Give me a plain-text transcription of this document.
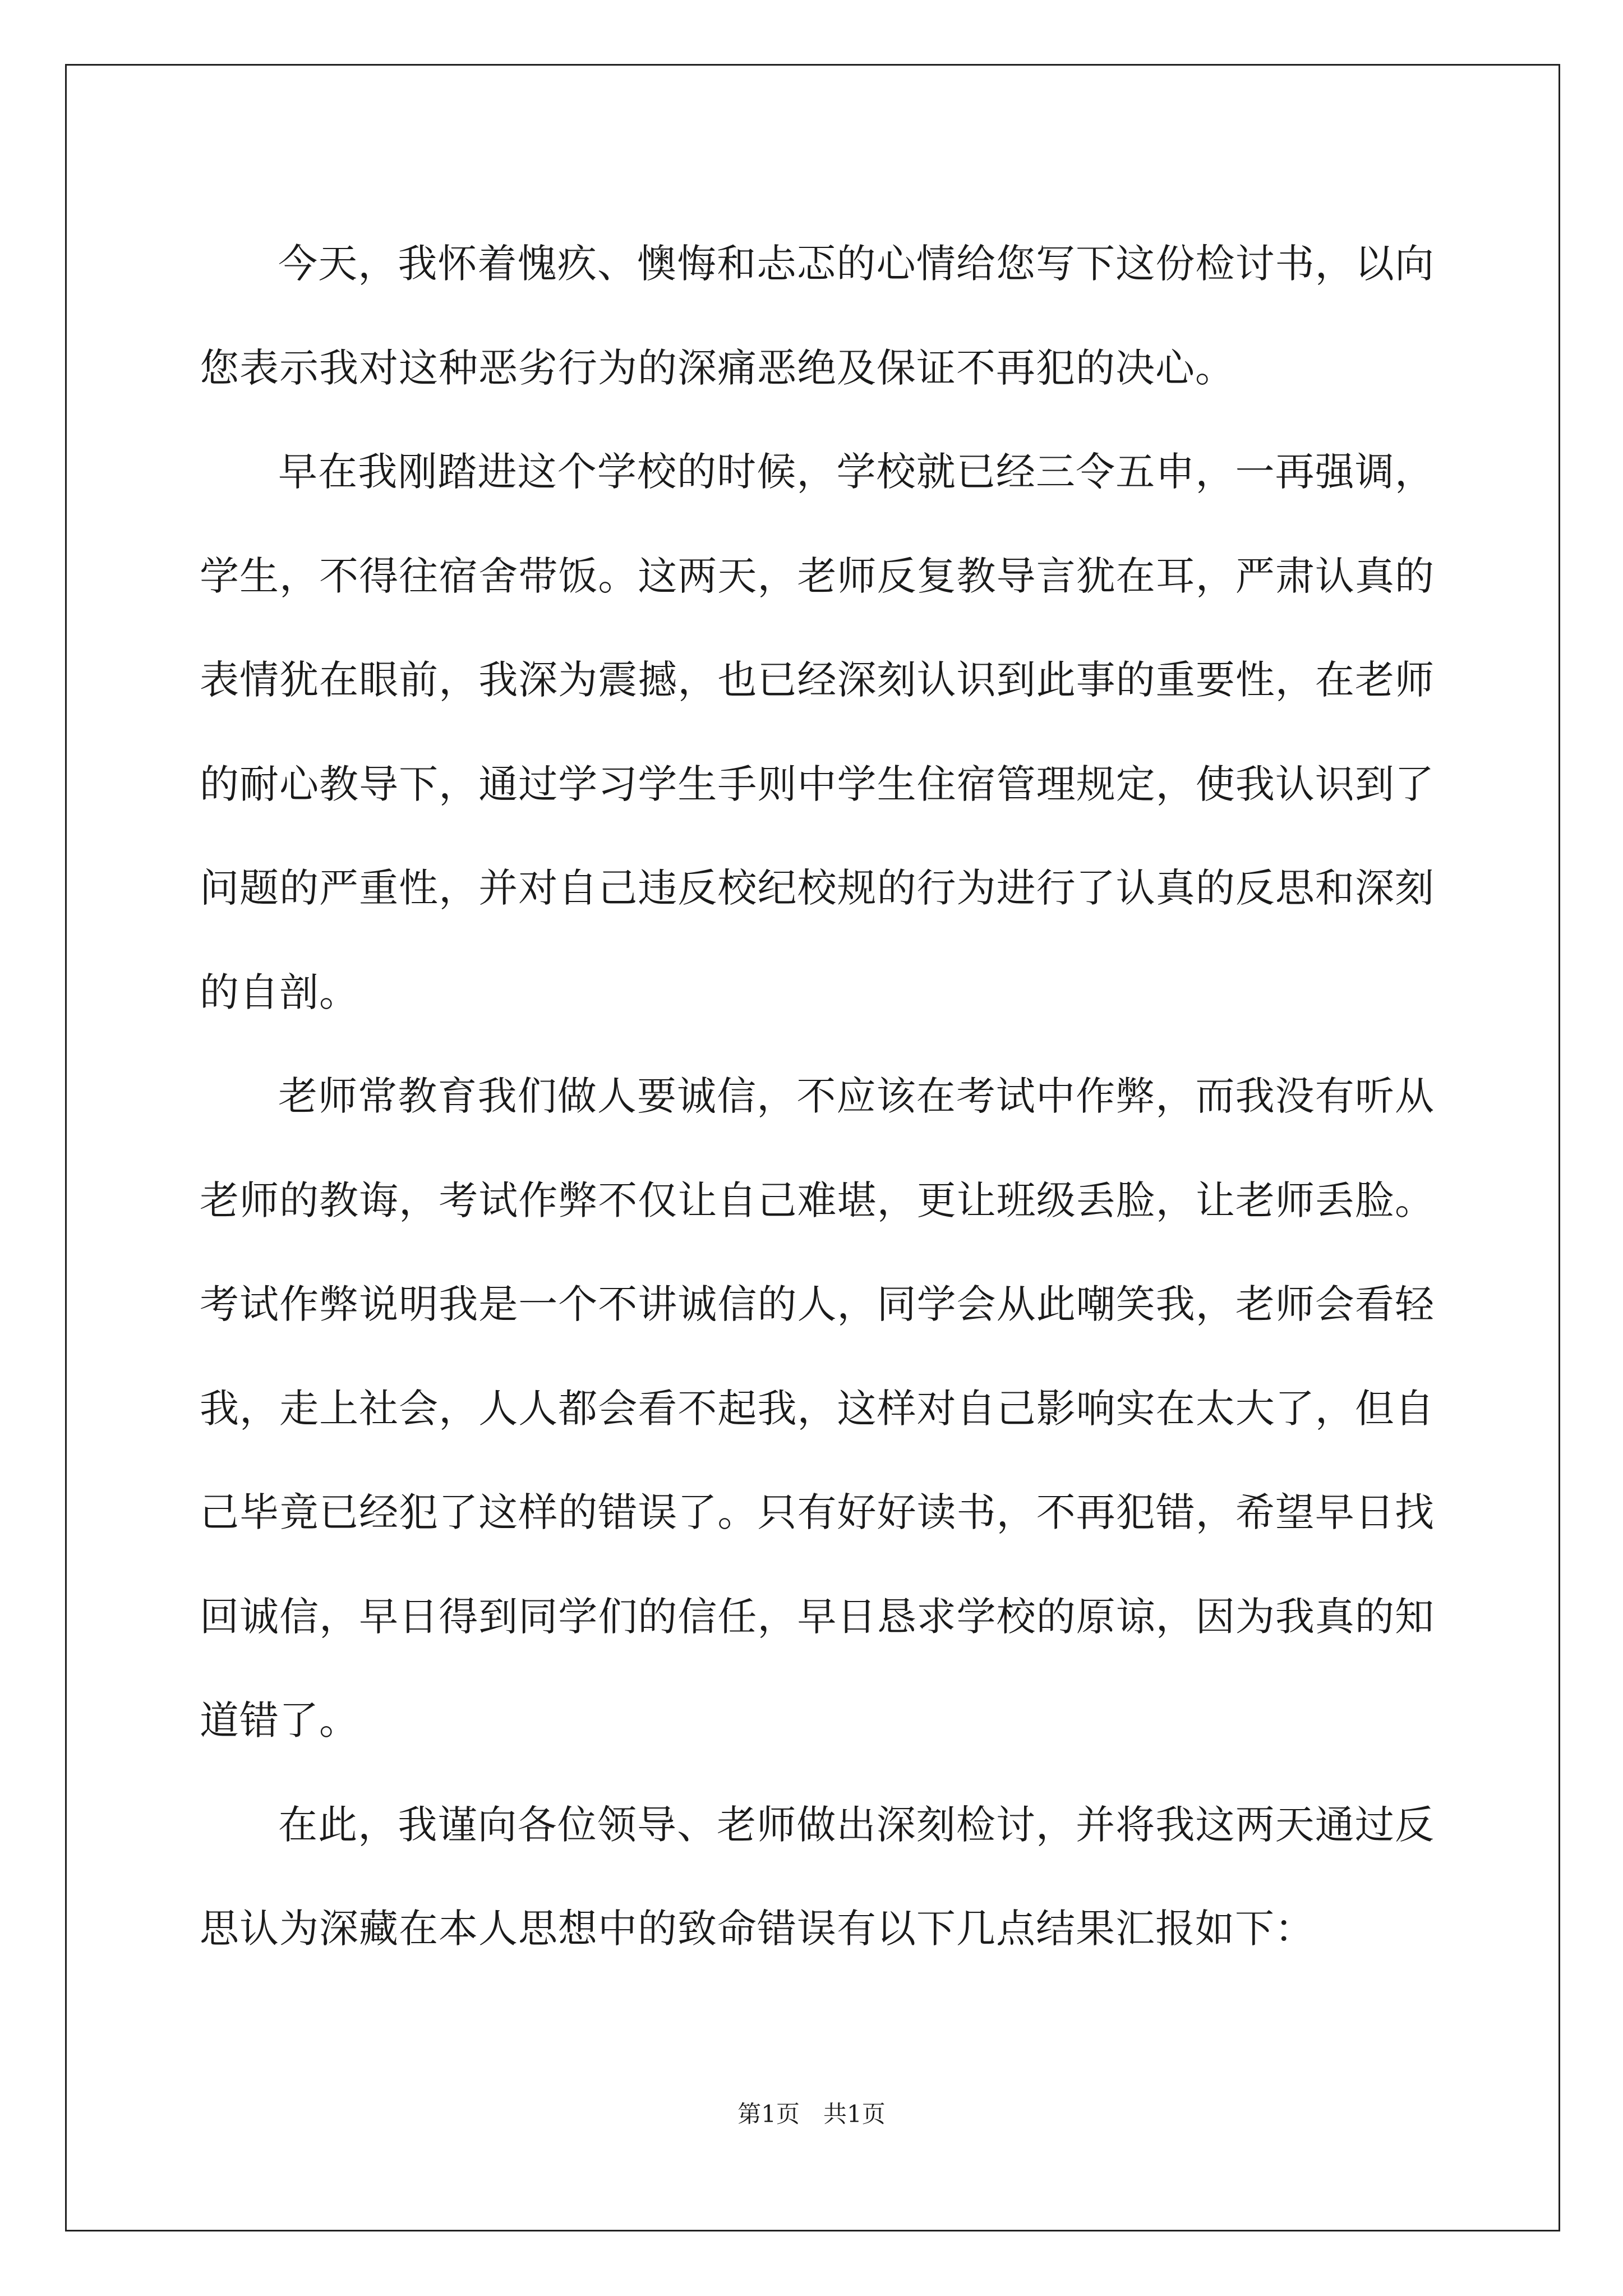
今天，我怀着愧疚、懊悔和忐忑的心情给您写下这份检讨书，以向您表示我对这种恶劣行为的深痛恶绝及保证不再犯的决心。

早在我刚踏进这个学校的时候，学校就已经三令五申，一再强调，学生，不得往宿舍带饭。这两天，老师反复教导言犹在耳，严肃认真的表情犹在眼前，我深为震撼，也已经深刻认识到此事的重要性，在老师的耐心教导下，通过学习学生手则中学生住宿管理规定，使我认识到了问题的严重性，并对自己违反校纪校规的行为进行了认真的反思和深刻的自剖。

老师常教育我们做人要诚信，不应该在考试中作弊，而我没有听从老师的教诲，考试作弊不仅让自己难堪，更让班级丢脸，让老师丢脸。考试作弊说明我是一个不讲诚信的人，同学会从此嘲笑我，老师会看轻我，走上社会，人人都会看不起我，这样对自己影响实在太大了，但自己毕竟已经犯了这样的错误了。只有好好读书，不再犯错，希望早日找回诚信，早日得到同学们的信任，早日恳求学校的原谅，因为我真的知道错了。

在此，我谨向各位领导、老师做出深刻检讨，并将我这两天通过反思认为深藏在本人思想中的致命错误有以下几点结果汇报如下：

第1页　共1页
